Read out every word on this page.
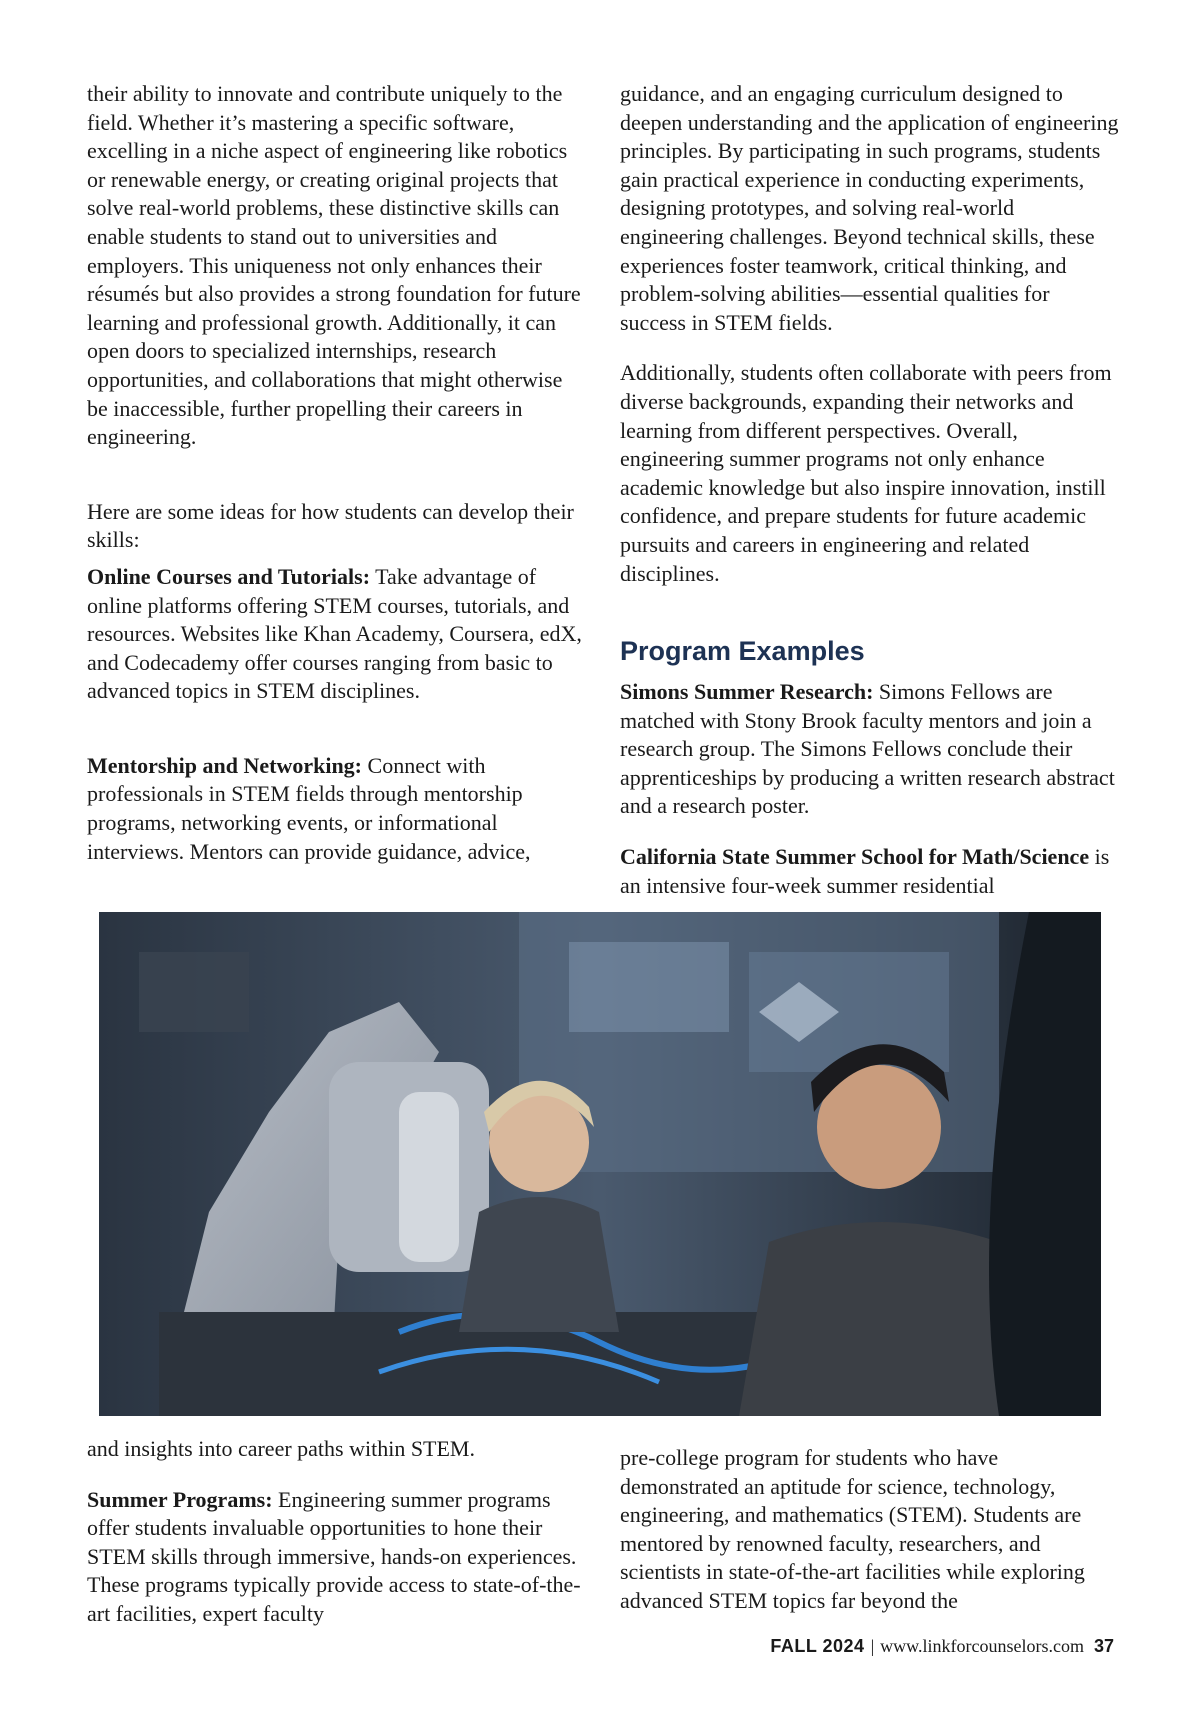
their ability to innovate and contribute uniquely to the field. Whether it’s mastering a specific software, excelling in a niche aspect of engineering like robotics or renewable energy, or creating original projects that solve real-world problems, these distinctive skills can enable students to stand out to universities and employers. This uniqueness not only enhances their résumés but also provides a strong foundation for future learning and professional growth. Additionally, it can open doors to specialized internships, research opportunities, and collaborations that might otherwise be inaccessible, further propelling their careers in engineering.

Here are some ideas for how students can develop their skills:

Online Courses and Tutorials: Take advantage of online platforms offering STEM courses, tutorials, and resources. Websites like Khan Academy, Coursera, edX, and Codecademy offer courses ranging from basic to advanced topics in STEM disciplines.

Mentorship and Networking: Connect with professionals in STEM fields through mentorship programs, networking events, or informational interviews. Mentors can provide guidance, advice,

guidance, and an engaging curriculum designed to deepen understanding and the application of engineering principles. By participating in such programs, students gain practical experience in conducting experiments, designing prototypes, and solving real-world engineering challenges. Beyond technical skills, these experiences foster teamwork, critical thinking, and problem-solving abilities—essential qualities for success in STEM fields.

Additionally, students often collaborate with peers from diverse backgrounds, expanding their networks and learning from different perspectives. Overall, engineering summer programs not only enhance academic knowledge but also inspire innovation, instill confidence, and prepare students for future academic pursuits and careers in engineering and related disciplines.

Program Examples

Simons Summer Research: Simons Fellows are matched with Stony Brook faculty mentors and join a research group. The Simons Fellows conclude their apprenticeships by producing a written research abstract and a research poster.

California State Summer School for Math/Science is an intensive four-week summer residential

and insights into career paths within STEM.

Summer Programs: Engineering summer programs offer students invaluable opportunities to hone their STEM skills through immersive, hands-on experiences. These programs typically provide access to state-of-the-art facilities, expert faculty

pre-college program for students who have demonstrated an aptitude for science, technology, engineering, and mathematics (STEM). Students are mentored by renowned faculty, researchers, and scientists in state-of-the-art facilities while exploring advanced STEM topics far beyond the

FALL 2024 | www.linkforcounselors.com 37
